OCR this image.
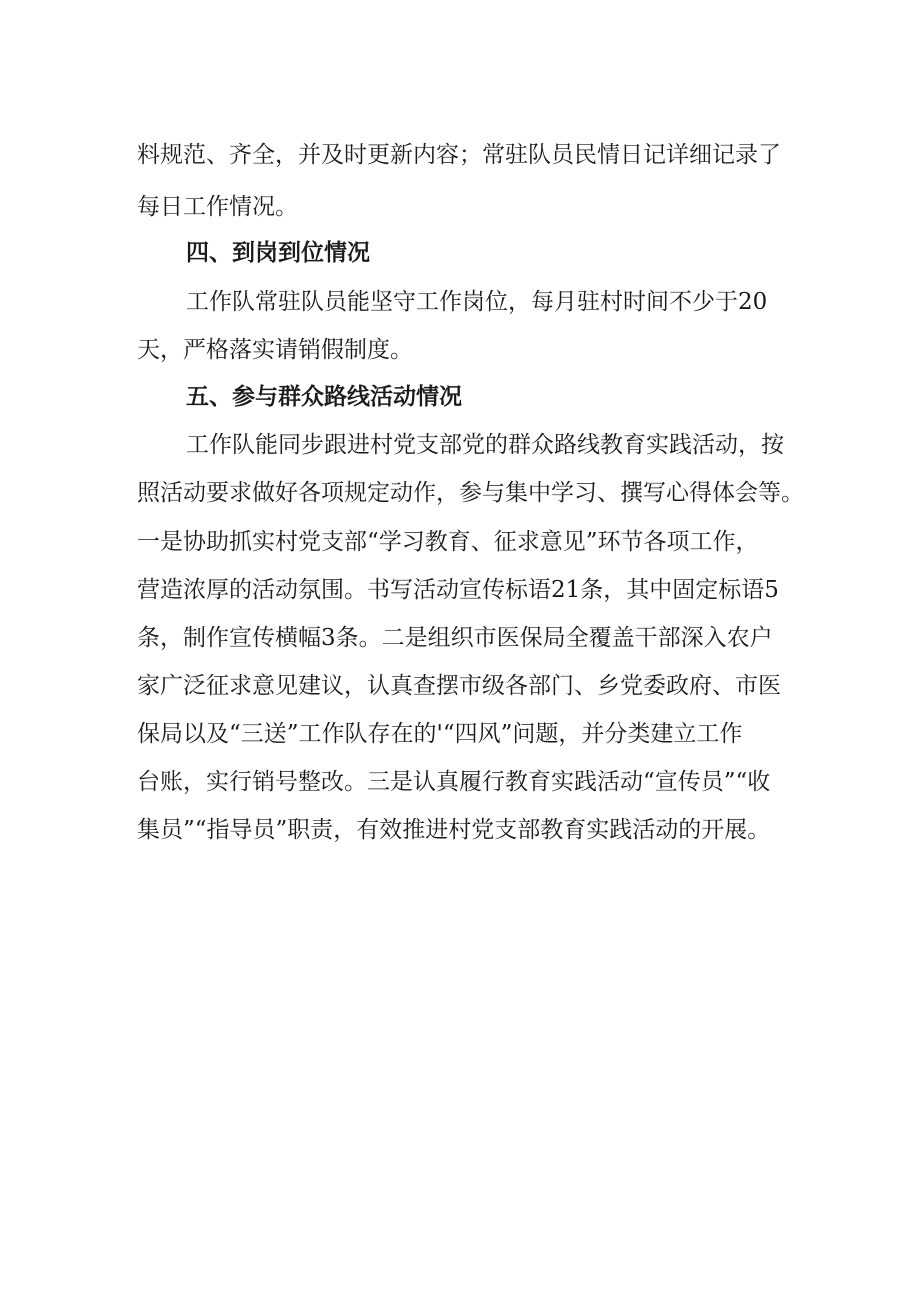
料规范、齐全，并及时更新内容；常驻队员民情日记详细记录了
每日工作情况。
四、到岗到位情况
工作队常驻队员能坚守工作岗位，每月驻村时间不少于20
天，严格落实请销假制度。
五、参与群众路线活动情况
工作队能同步跟进村党支部党的群众路线教育实践活动，按
照活动要求做好各项规定动作，参与集中学习、撰写心得体会等。
一是协助抓实村党支部“学习教育、征求意见”环节各项工作，
营造浓厚的活动氛围。书写活动宣传标语21条，其中固定标语5
条，制作宣传横幅3条。二是组织市医保局全覆盖干部深入农户
家广泛征求意见建议，认真查摆市级各部门、乡党委政府、市医
保局以及“三送”工作队存在的'“四风”问题，并分类建立工作
台账，实行销号整改。三是认真履行教育实践活动“宣传员”“收
集员”“指导员”职责，有效推进村党支部教育实践活动的开展。
